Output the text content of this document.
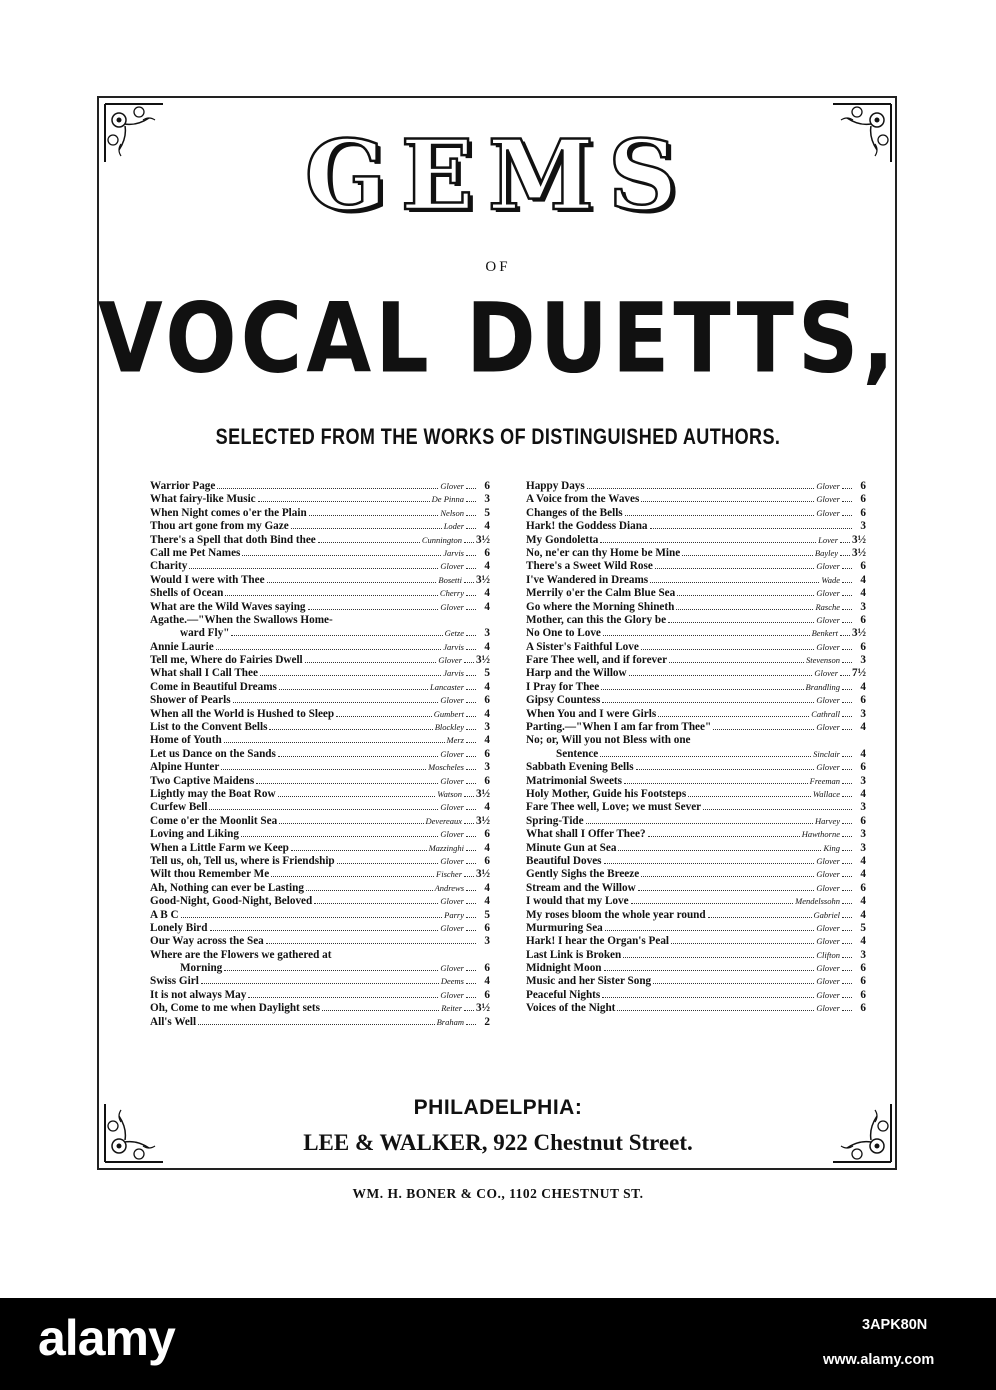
GEMS
OF
VOCAL DUETTS,
SELECTED FROM THE WORKS OF DISTINGUISHED AUTHORS.
Warrior Page	Glover	6
What fairy-like Music	De Pinna	3
When Night comes o'er the Plain	Nelson	5
Thou art gone from my Gaze	Loder	4
There's a Spell that doth Bind thee	Cunnington 3½
Call me Pet Names	Jarvis	6
Charity	Glover	4
Would I were with Thee	Bosetti 3½
Shells of Ocean	Cherry	4
What are the Wild Waves saying	Glover	4
Agathe.—"When the Swallows Home-
ward Fly"	Getze	3
Annie Laurie	Jarvis	4
Tell me, Where do Fairies Dwell	Glover 3½
What shall I Call Thee	Jarvis	5
Come in Beautiful Dreams	Lancaster	4
Shower of Pearls	Glover	6
When all the World is Hushed to Sleep	Gumbert	4
List to the Convent Bells	Blockley	3
Home of Youth	Merz	4
Let us Dance on the Sands	Glover	6
Alpine Hunter	Moscheles	3
Two Captive Maidens	Glover	6
Lightly may the Boat Row	Watson 3½
Curfew Bell	Glover	4
Come o'er the Moonlit Sea	Devereaux 3½
Loving and Liking	Glover	6
When a Little Farm we Keep	Mazzinghi	4
Tell us, oh, Tell us, where is Friendship	Glover	6
Wilt thou Remember Me	Fischer 3½
Ah, Nothing can ever be Lasting	Andrews	4
Good-Night, Good-Night, Beloved	Glover	4
A B C	Parry	5
Lonely Bird	Glover	6
Our Way across the Sea	3
Where are the Flowers we gathered at
Morning	Glover	6
Swiss Girl	Deems	4
It is not always May	Glover	6
Oh, Come to me when Daylight sets	Reiter 3½
All's Well	Braham	2
Happy Days	Glover	6
A Voice from the Waves	Glover	6
Changes of the Bells	Glover	6
Hark! the Goddess Diana	3
My Gondoletta	Lover 3½
No, ne'er can thy Home be Mine	Bayley 3½
There's a Sweet Wild Rose	Glover	6
I've Wandered in Dreams	Wade	4
Merrily o'er the Calm Blue Sea	Glover	4
Go where the Morning Shineth	Rasche	3
Mother, can this the Glory be	Glover	6
No One to Love	Benkert 3½
A Sister's Faithful Love	Glover	6
Fare Thee well, and if forever	Stevenson	3
Harp and the Willow	Glover 7½
I Pray for Thee	Brandling	4
Gipsy Countess	Glover	6
When You and I were Girls	Cathrall	3
Parting.—"When I am far from Thee"	Glover	4
No; or, Will you not Bless with one
Sentence	Sinclair	4
Sabbath Evening Bells	Glover	6
Matrimonial Sweets	Freeman	3
Holy Mother, Guide his Footsteps	Wallace	4
Fare Thee well, Love; we must Sever	3
Spring-Tide	Harvey	6
What shall I Offer Thee?	Hawthorne	3
Minute Gun at Sea	King	3
Beautiful Doves	Glover	4
Gently Sighs the Breeze	Glover	4
Stream and the Willow	Glover	6
I would that my Love	Mendelssohn	4
My roses bloom the whole year round	Gabriel	4
Murmuring Sea	Glover	5
Hark! I hear the Organ's Peal	Glover	4
Last Link is Broken	Clifton	3
Midnight Moon	Glover	6
Music and her Sister Song	Glover	6
Peaceful Nights	Glover	6
Voices of the Night	Glover	6
PHILADELPHIA:
LEE & WALKER, 922 Chestnut Street.
WM. H. BONER & CO., 1102 CHESTNUT ST.
alamy	3APK80N
www.alamy.com
